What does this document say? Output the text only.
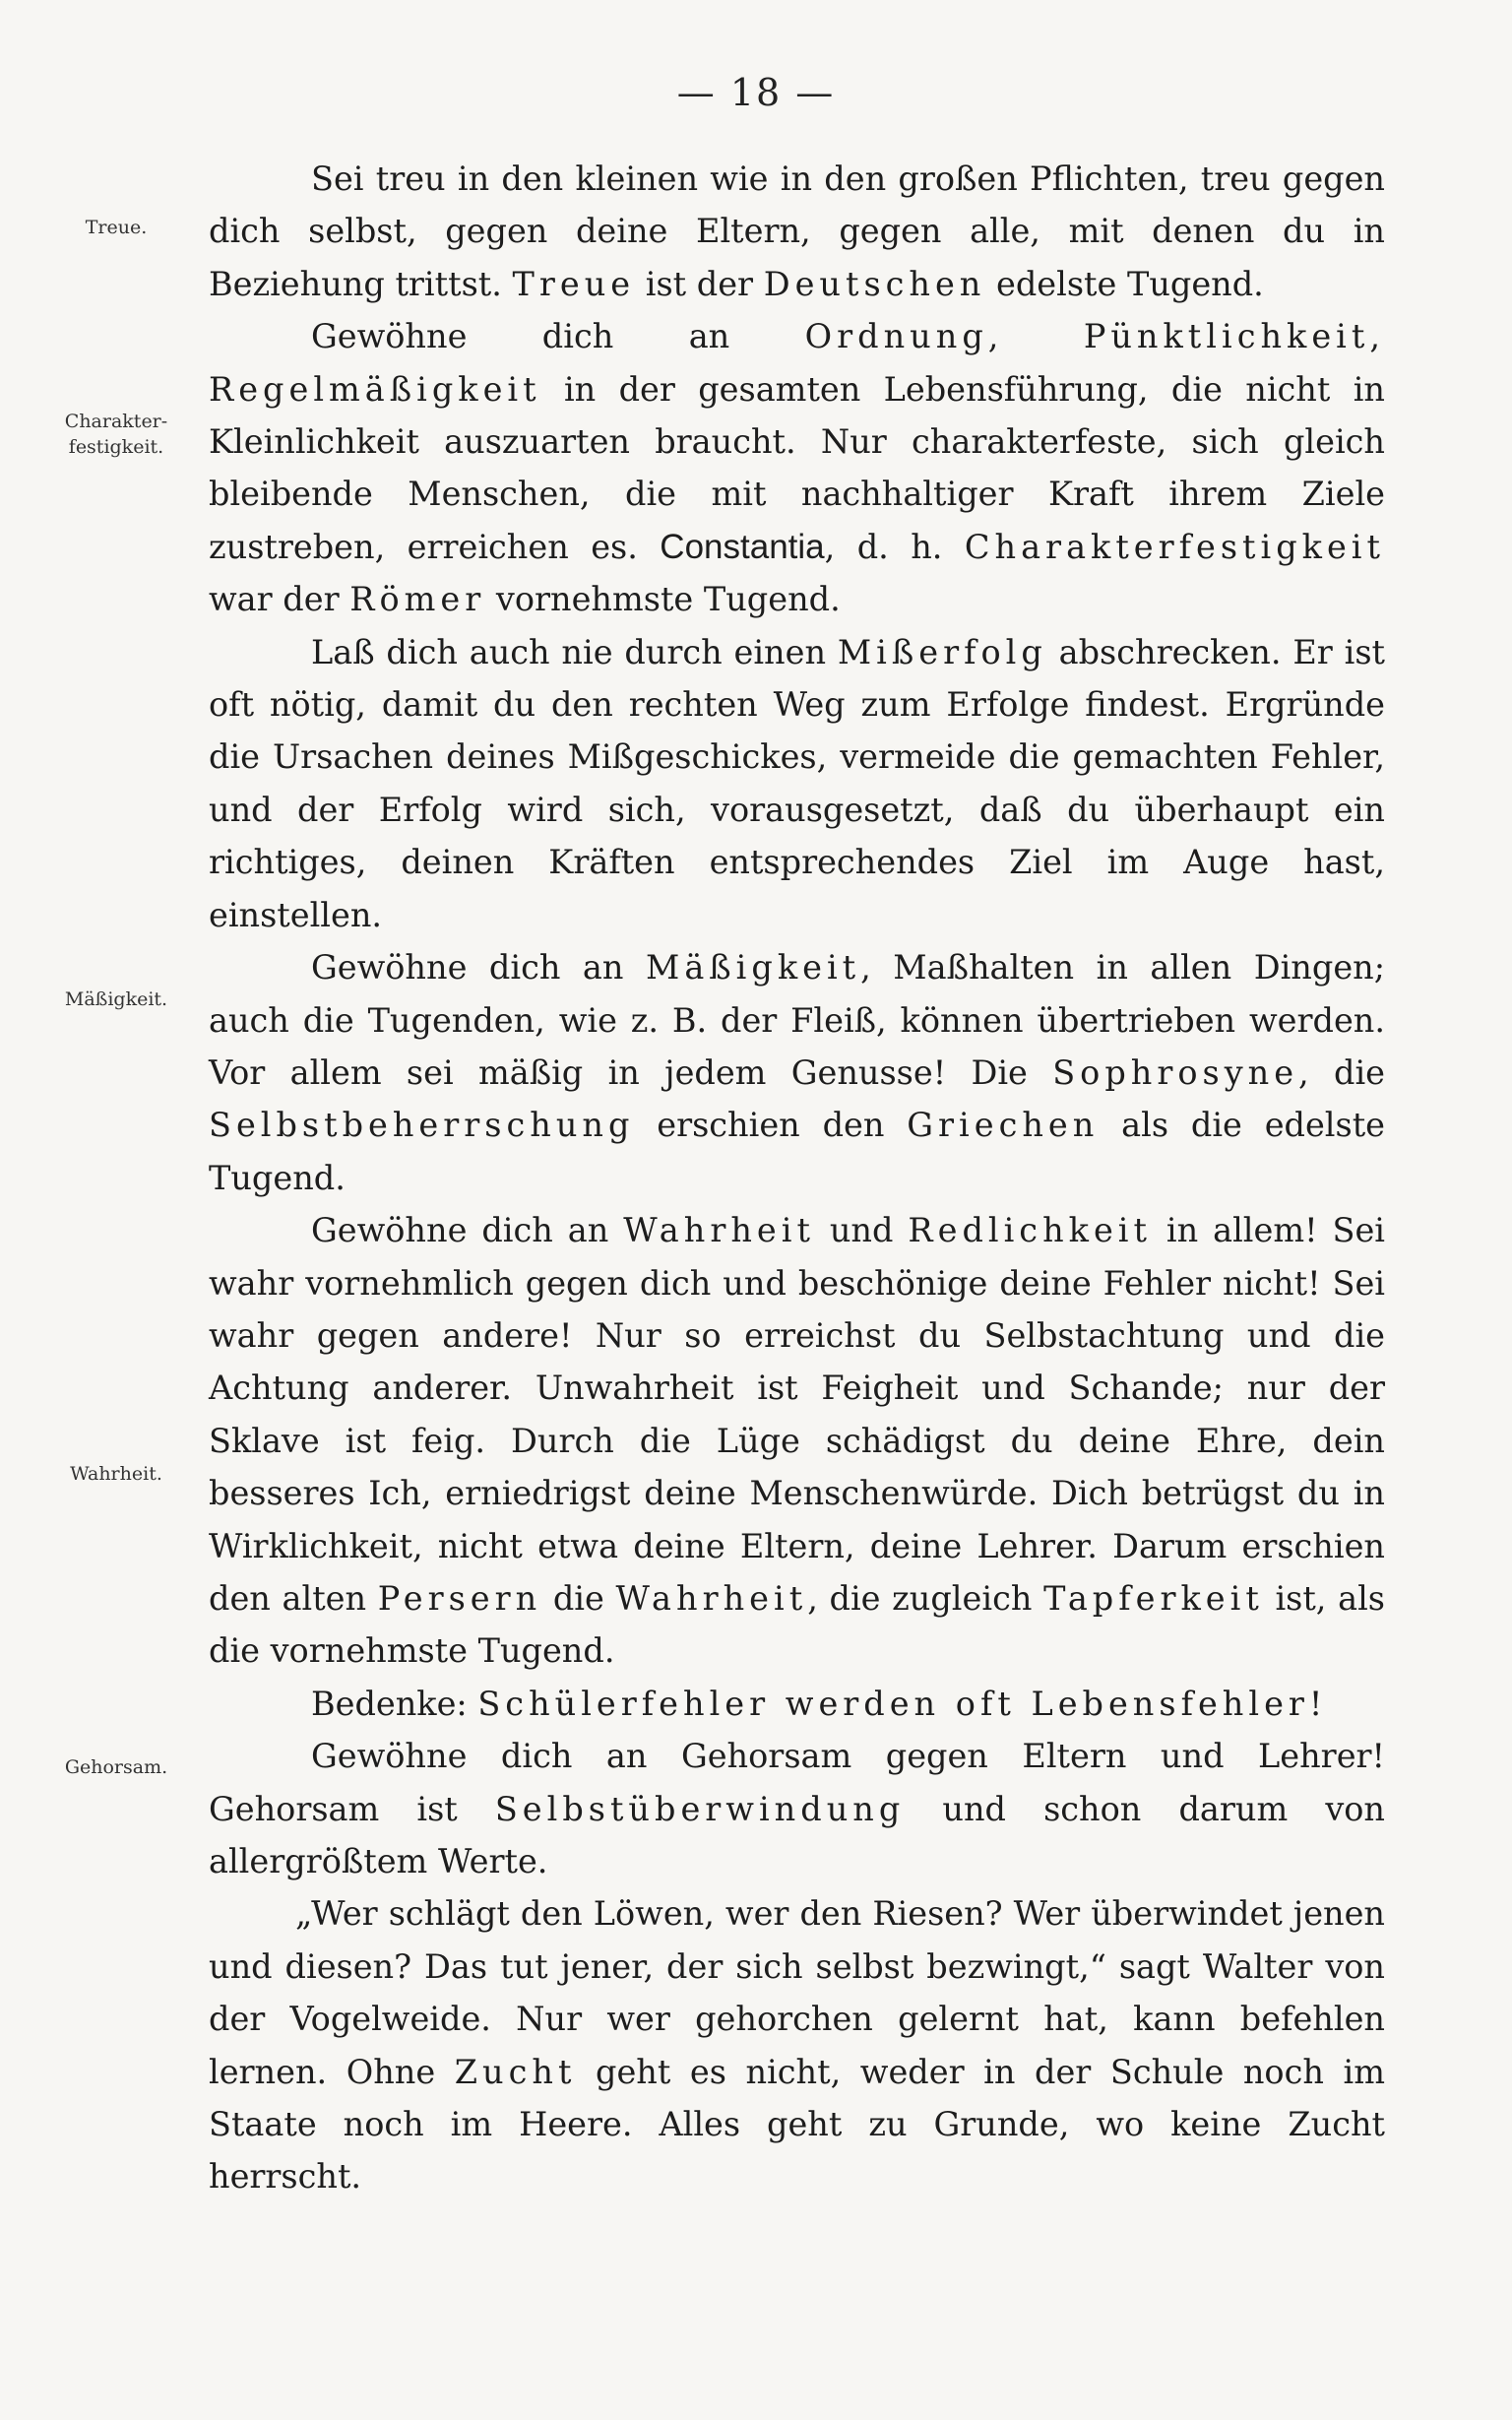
— 18 —
Treue.
Charakter-
festigkeit.
Mäßigkeit.
Wahrheit.
Gehorsam.

Sei treu in den kleinen wie in den großen Pflichten, treu gegen dich selbst, gegen deine Eltern, gegen alle, mit denen du in Beziehung trittst. Treue ist der Deutschen edelste Tugend.

Gewöhne dich an Ordnung, Pünktlichkeit, Regelmäßigkeit in der gesamten Lebensführung, die nicht in Kleinlichkeit auszuarten braucht. Nur charakterfeste, sich gleich bleibende Menschen, die mit nachhaltiger Kraft ihrem Ziele zustreben, erreichen es. Constantia, d. h. Charakterfestigkeit war der Römer vornehmste Tugend.

Laß dich auch nie durch einen Mißerfolg abschrecken. Er ist oft nötig, damit du den rechten Weg zum Erfolge findest. Ergründe die Ursachen deines Mißgeschickes, vermeide die gemachten Fehler, und der Erfolg wird sich, vorausgesetzt, daß du überhaupt ein richtiges, deinen Kräften entsprechendes Ziel im Auge hast, einstellen.

Gewöhne dich an Mäßigkeit, Maßhalten in allen Dingen; auch die Tugenden, wie z. B. der Fleiß, können übertrieben werden. Vor allem sei mäßig in jedem Genusse! Die Sophrosyne, die Selbstbeherrschung erschien den Griechen als die edelste Tugend.

Gewöhne dich an Wahrheit und Redlichkeit in allem! Sei wahr vornehmlich gegen dich und beschönige deine Fehler nicht! Sei wahr gegen andere! Nur so erreichst du Selbstachtung und die Achtung anderer. Unwahrheit ist Feigheit und Schande; nur der Sklave ist feig. Durch die Lüge schädigst du deine Ehre, dein besseres Ich, erniedrigst deine Menschenwürde. Dich betrügst du in Wirklichkeit, nicht etwa deine Eltern, deine Lehrer. Darum erschien den alten Persern die Wahrheit, die zugleich Tapferkeit ist, als die vornehmste Tugend.

Bedenke: Schülerfehler werden oft Lebensfehler!

Gewöhne dich an Gehorsam gegen Eltern und Lehrer! Gehorsam ist Selbstüberwindung und schon darum von allergrößtem Werte.

„Wer schlägt den Löwen, wer den Riesen? Wer überwindet jenen und diesen? Das tut jener, der sich selbst bezwingt,“ sagt Walter von der Vogelweide. Nur wer gehorchen gelernt hat, kann befehlen lernen. Ohne Zucht geht es nicht, weder in der Schule noch im Staate noch im Heere. Alles geht zu Grunde, wo keine Zucht herrscht.
